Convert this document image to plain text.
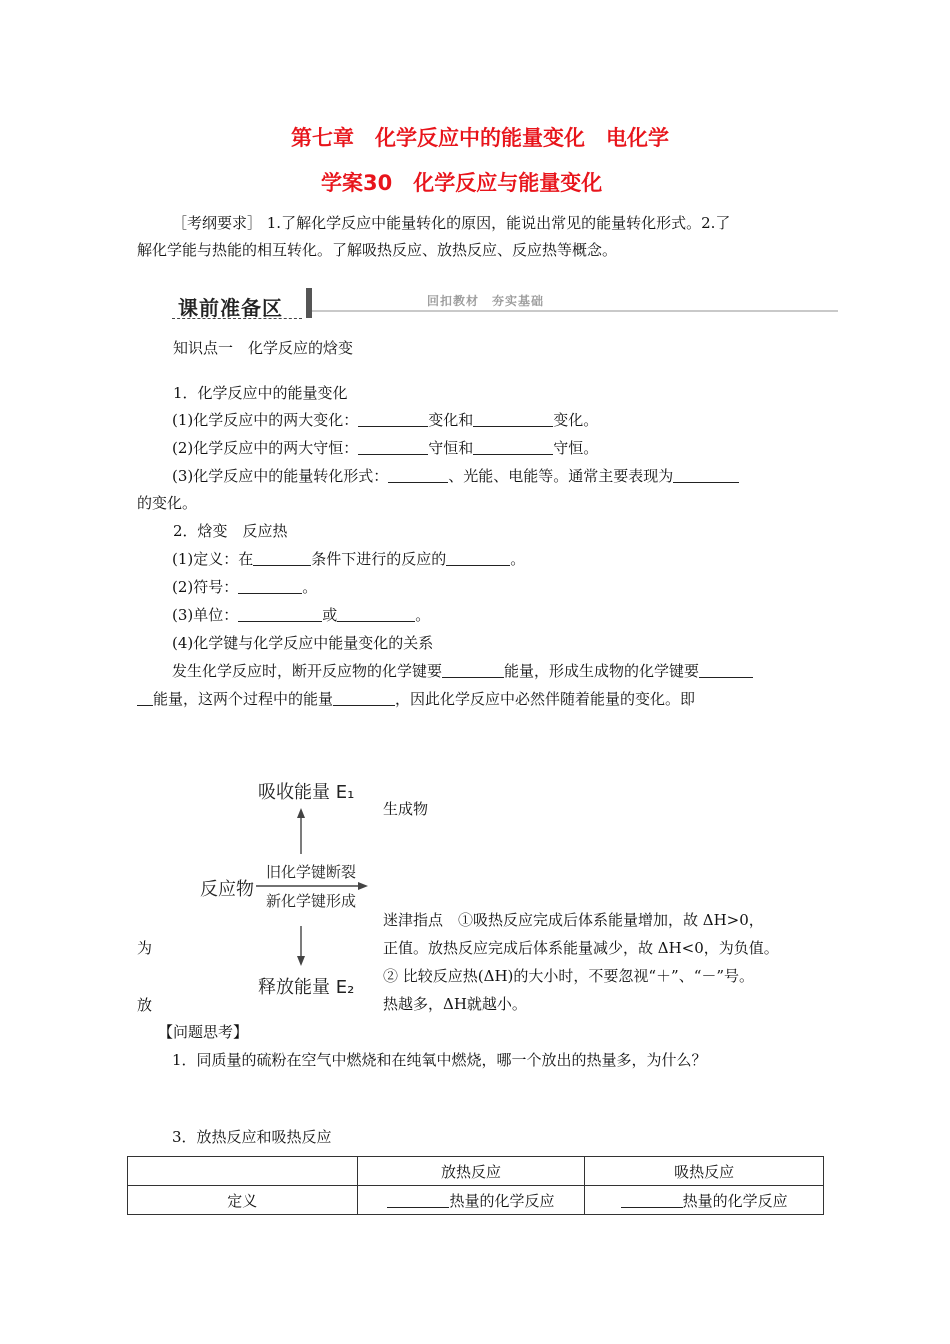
第七章　化学反应中的能量变化　电化学
学案30　化学反应与能量变化
［考纲要求］ 1.了解化学反应中能量转化的原因，能说出常见的能量转化形式。2.了
解化学能与热能的相互转化。了解吸热反应、放热反应、反应热等概念。
课前准备区	回扣教材　夯实基础
知识点一　化学反应的焓变
1．化学反应中的能量变化
(1)化学反应中的两大变化：	变化和	变化。
(2)化学反应中的两大守恒：	守恒和	守恒。
(3)化学反应中的能量转化形式：	、光能、电能等。通常主要表现为
的变化。
2．焓变　反应热
(1)定义：在	条件下进行的反应的	。
(2)符号：	。
(3)单位：	或	。
(4)化学键与化学反应中能量变化的关系
发生化学反应时，断开反应物的化学键要	能量，形成生成物的化学键要
能量，这两个过程中的能量	，因此化学反应中必然伴随着能量的变化。即
吸收能量 E₁
生成物
旧化学键断裂
反应物
新化学键形成
释放能量 E₂
为
放
迷津指点　①吸热反应完成后体系能量增加，故 ΔH>0，
正值。放热反应完成后体系能量减少，故 ΔH<0，为负值。
② 比较反应热(ΔH)的大小时，不要忽视“＋”、“－”号。
热越多，ΔH就越小。
【问题思考】
1．同质量的硫粉在空气中燃烧和在纯氧中燃烧，哪一个放出的热量多，为什么？
3．放热反应和吸热反应
	放热反应	吸热反应
定义	热量的化学反应	热量的化学反应
